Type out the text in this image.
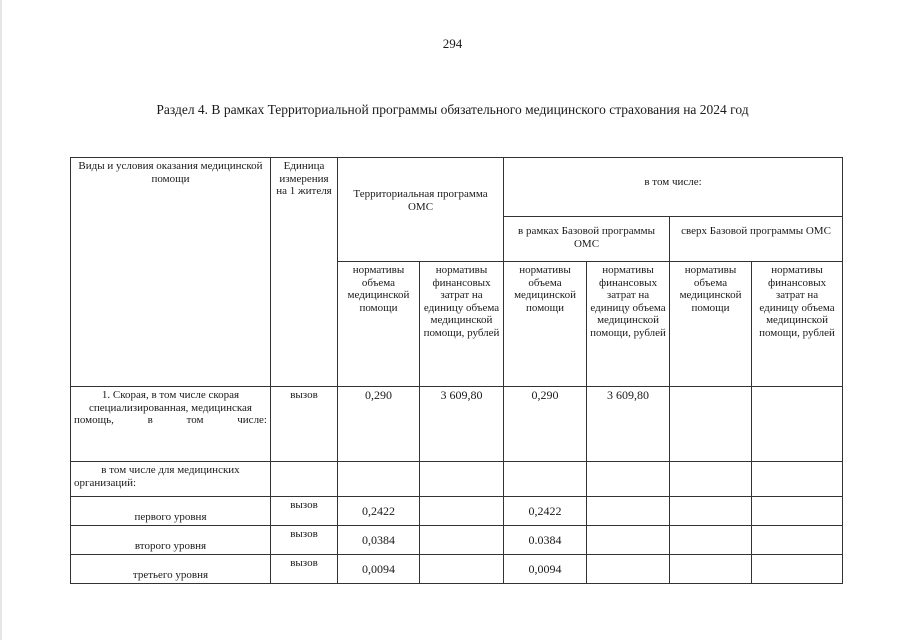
294
Раздел 4. В рамках Территориальной программы обязательного медицинского страхования на 2024 год
Виды и условия оказания медицинской помощи	Единица измерения на 1 жителя	Территориальная программа ОМС		в том числе:			
				в рамках Базовой программы ОМС		сверх Базовой программы ОМС	
		нормативы объема медицинской помощи	нормативы финансовых затрат на единицу объема медицинской помощи, рублей	нормативы объема медицинской помощи	нормативы финансовых затрат на единицу объема медицинской помощи, рублей	нормативы объема медицинской помощи	нормативы финансовых затрат на единицу объема медицинской помощи, рублей
1. Скорая, в том числе скорая специализированная, медицинская помощь, в том числе:	вызов	0,290	3 609,80	0,290	3 609,80		
в том числе для медицинских организаций:							
первого уровня	вызов	0,2422		0,2422			
второго уровня	вызов	0,0384		0.0384			
третьего уровня	вызов	0,0094		0,0094			
